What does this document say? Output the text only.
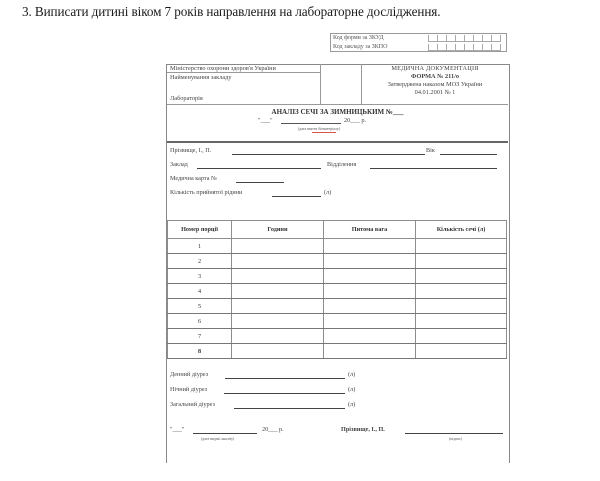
3. Виписати дитині віком 7 років направлення на лабораторне дослідження.
Код форми за ЗКУД
Код закладу за ЗКПО
Міністерство охорони здоров'я України
Найменування закладу
Лабораторія
МЕДИЧНА ДОКУМЕНТАЦІЯ
ФОРМА № 211/о
Затверджена наказом МОЗ України
04.01.2001 № 1
АНАЛІЗ СЕЧІ ЗА ЗИМНИЦЬКИМ №___
"___"	20___ р.
(дата взяття біоматеріалу)
Прізвище, І., П.	Вік
Заклад	Відділення
Медична карта №
Кількість прийнятої рідини	(л)
Номер порції	Години	Питома вага	Кількість сечі (л)
1			
2			
3			
4			
5			
6			
7			
8			
Денний діурез	(л)
Нічний діурез	(л)
Загальний діурез	(л)
"___"	20___ р.
(дата видачі аналізу)
Прізвище, І., П.
(підпис)
